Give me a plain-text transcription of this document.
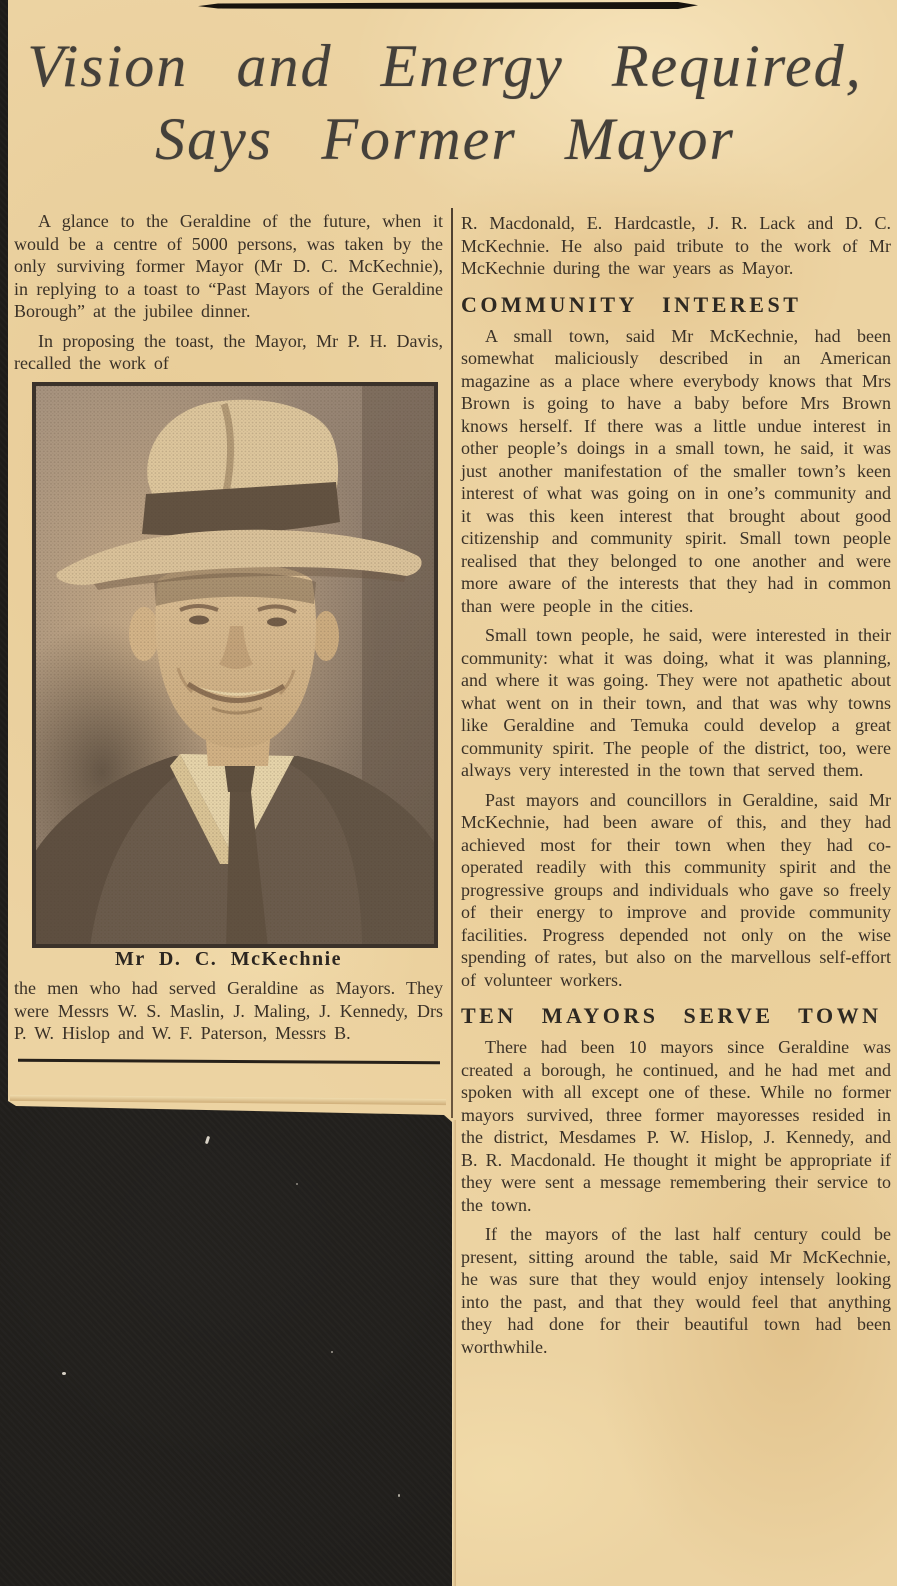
Vision and Energy Required,
Says Former Mayor

A glance to the Geraldine of the future, when it would be a centre of 5000 persons, was taken by the only surviving former Mayor (Mr D. C. McKechnie), in replying to a toast to “Past Mayors of the Geraldine Borough” at the jubilee dinner.

In proposing the toast, the Mayor, Mr P. H. Davis, recalled the work of

Mr D. C. McKechnie

the men who had served Geraldine as Mayors. They were Messrs W. S. Maslin, J. Maling, J. Kennedy, Drs P. W. Hislop and W. F. Paterson, Messrs B.

R. Macdonald, E. Hardcastle, J. R. Lack and D. C. McKechnie. He also paid tribute to the work of Mr McKechnie during the war years as Mayor.

COMMUNITY INTEREST

A small town, said Mr McKechnie, had been somewhat maliciously described in an American magazine as a place where everybody knows that Mrs Brown is going to have a baby before Mrs Brown knows herself. If there was a little undue interest in other people’s doings in a small town, he said, it was just another manifestation of the smaller town’s keen interest of what was going on in one’s community and it was this keen interest that brought about good citizenship and community spirit. Small town people realised that they belonged to one another and were more aware of the interests that they had in common than were people in the cities.

Small town people, he said, were interested in their community: what it was doing, what it was planning, and where it was going. They were not apathetic about what went on in their town, and that was why towns like Geraldine and Temuka could develop a great community spirit. The people of the district, too, were always very interested in the town that served them.

Past mayors and councillors in Geraldine, said Mr McKechnie, had been aware of this, and they had achieved most for their town when they had co-operated readily with this community spirit and the progressive groups and individuals who gave so freely of their energy to improve and provide community facilities. Progress depended not only on the wise spending of rates, but also on the marvellous self-effort of volunteer workers.

TEN MAYORS SERVE TOWN

There had been 10 mayors since Geraldine was created a borough, he continued, and he had met and spoken with all except one of these. While no former mayors survived, three former mayoresses resided in the district, Mesdames P. W. Hislop, J. Kennedy, and B. R. Macdonald. He thought it might be appropriate if they were sent a message remembering their service to the town.

If the mayors of the last half century could be present, sitting around the table, said Mr McKechnie, he was sure that they would enjoy intensely looking into the past, and that they would feel that anything they had done for their beautiful town had been worthwhile.
